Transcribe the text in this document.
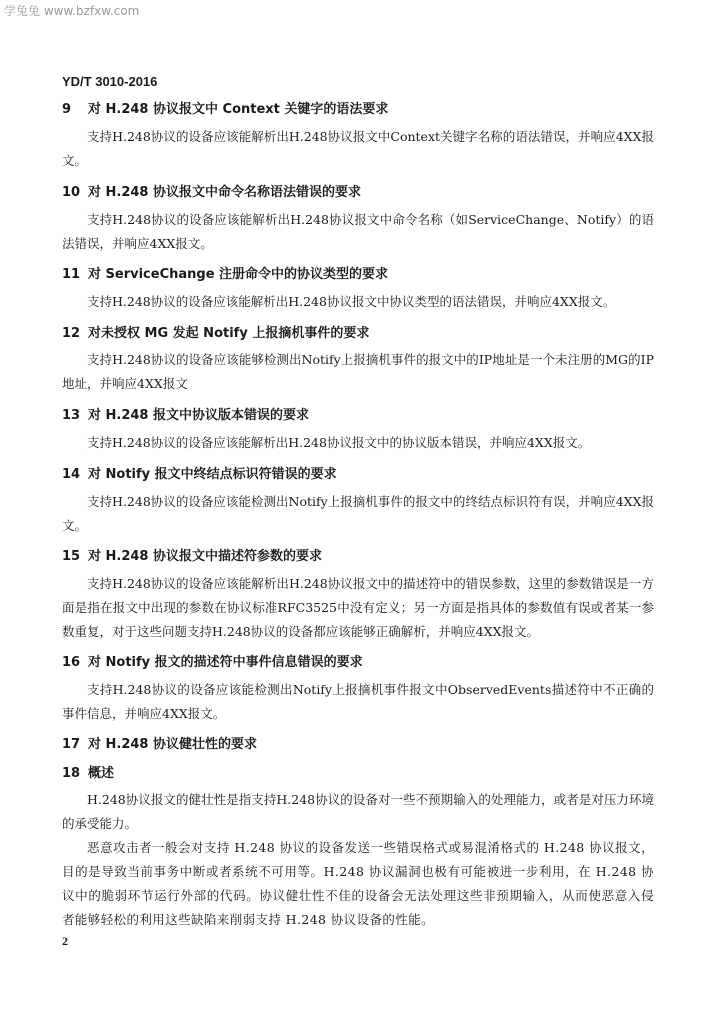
学兔兔 www.bzfxw.com
YD/T 3010-2016
9 对 H.248 协议报文中 Context 关键字的语法要求
支持H.248协议的设备应该能解析出H.248协议报文中Context关键字名称的语法错误，并响应4XX报文。
10 对 H.248 协议报文中命令名称语法错误的要求
支持H.248协议的设备应该能解析出H.248协议报文中命令名称（如ServiceChange、Notify）的语法错误，并响应4XX报文。
11 对 ServiceChange 注册命令中的协议类型的要求
支持H.248协议的设备应该能解析出H.248协议报文中协议类型的语法错误，并响应4XX报文。
12 对未授权 MG 发起 Notify 上报摘机事件的要求
支持H.248协议的设备应该能够检测出Notify上报摘机事件的报文中的IP地址是一个未注册的MG的IP地址，并响应4XX报文
13 对 H.248 报文中协议版本错误的要求
支持H.248协议的设备应该能解析出H.248协议报文中的协议版本错误，并响应4XX报文。
14 对 Notify 报文中终结点标识符错误的要求
支持H.248协议的设备应该能检测出Notify上报摘机事件的报文中的终结点标识符有误，并响应4XX报文。
15 对 H.248 协议报文中描述符参数的要求
支持H.248协议的设备应该能解析出H.248协议报文中的描述符中的错误参数，这里的参数错误是一方面是指在报文中出现的参数在协议标准RFC3525中没有定义；另一方面是指具体的参数值有误或者某一参数重复，对于这些问题支持H.248协议的设备都应该能够正确解析，并响应4XX报文。
16 对 Notify 报文的描述符中事件信息错误的要求
支持H.248协议的设备应该能检测出Notify上报摘机事件报文中ObservedEvents描述符中不正确的事件信息，并响应4XX报文。
17 对 H.248 协议健壮性的要求
18 概述
H.248协议报文的健壮性是指支持H.248协议的设备对一些不预期输入的处理能力，或者是对压力环境的承受能力。
恶意攻击者一般会对支持 H.248 协议的设备发送一些错误格式或易混淆格式的 H.248 协议报文，目的是导致当前事务中断或者系统不可用等。H.248 协议漏洞也极有可能被进一步利用，在 H.248 协议中的脆弱环节运行外部的代码。协议健壮性不佳的设备会无法处理这些非预期输入，从而使恶意入侵者能够轻松的利用这些缺陷来削弱支持 H.248 协议设备的性能。
2
